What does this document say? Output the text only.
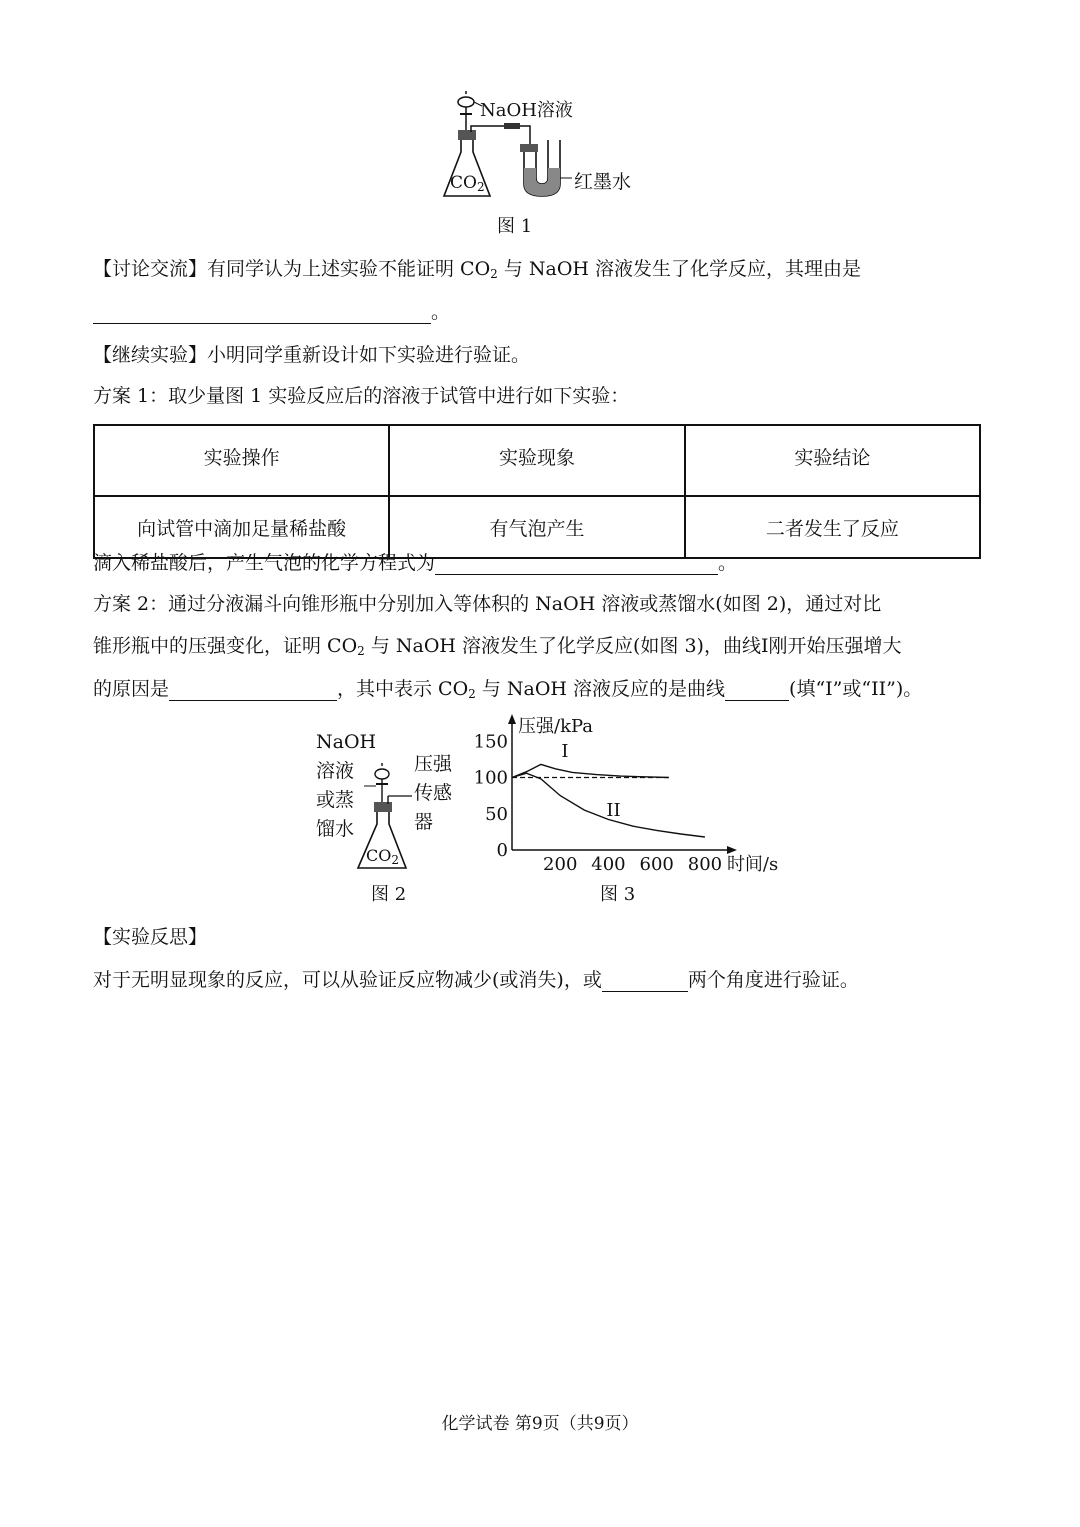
NaOH溶液
$CO_2$	红墨水
图 1
【讨论交流】有同学认为上述实验不能证明 $CO_2$ 与 NaOH 溶液发生了化学反应，其理由是
。
【继续实验】小明同学重新设计如下实验进行验证。
方案 1：取少量图 1 实验反应后的溶液于试管中进行如下实验：
实验操作	实验现象	实验结论
向试管中滴加足量稀盐酸	有气泡产生	二者发生了反应
滴入稀盐酸后，产生气泡的化学方程式为	。
方案 2：通过分液漏斗向锥形瓶中分别加入等体积的 NaOH 溶液或蒸馏水(如图 2)，通过对比
锥形瓶中的压强变化，证明 $CO_2$ 与 NaOH 溶液发生了化学反应(如图 3)，曲线Ⅰ刚开始压强增大
的原因是	，其中表示 $CO_2$ 与 NaOH 溶液反应的是曲线	(填“I”或“II”)。
NaOH
溶液
或蒸
馏水
压强
传感
器
$CO_2$
图 2
压强/kPa
0
50
100
150
200 400 600 800 时间/s
I
II
图 3
【实验反思】
对于无明显现象的反应，可以从验证反应物减少(或消失)，或	两个角度进行验证。
化学试卷 第9页（共9页）
